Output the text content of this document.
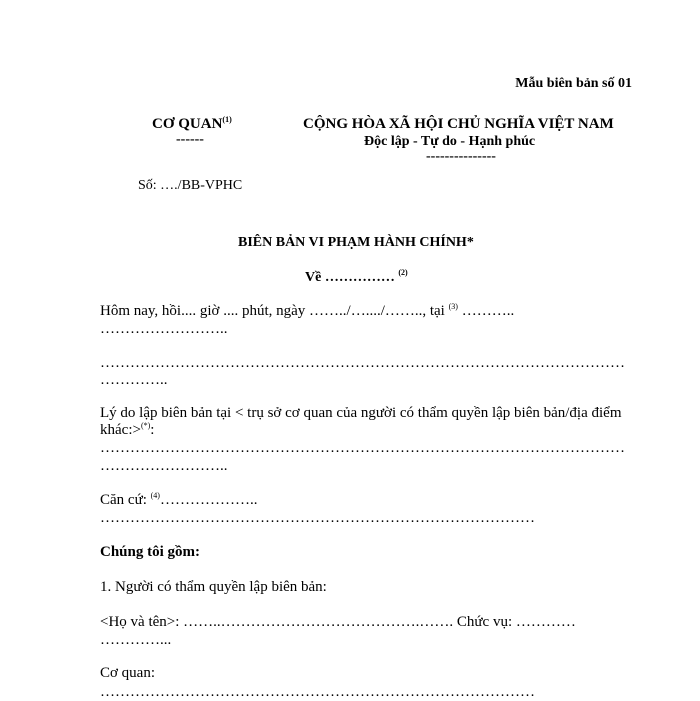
Mẫu biên bản số 01
CƠ QUAN$^{(1)}$
------
CỘNG HÒA XÃ HỘI CHỦ NGHĨA VIỆT NAM
Độc lập - Tự do - Hạnh phúc
---------------
Số: …./BB-VPHC
BIÊN BẢN VI PHẠM HÀNH CHÍNH*
Về …………… $^{(2)}$
Hôm nay, hồi.... giờ .... phút, ngày ……../…..../…….., tại $^{(3)}$ ………..
……………………..
……………………………………………………………………………………………
…………..
Lý do lập biên bản tại < trụ sở cơ quan của người có thẩm quyền lập biên bản/địa điểm
khác:>(*):
……………………………………………………………………………………………
……………………..
Căn cứ: $^{(4)}$………………..
……………………………………………………………………………
Chúng tôi gồm:
1. Người có thẩm quyền lập biên bản:
<Họ và tên>: ……..………………………………….……. Chức vụ: …………
…………...
Cơ quan:
……………………………………………………………………………
